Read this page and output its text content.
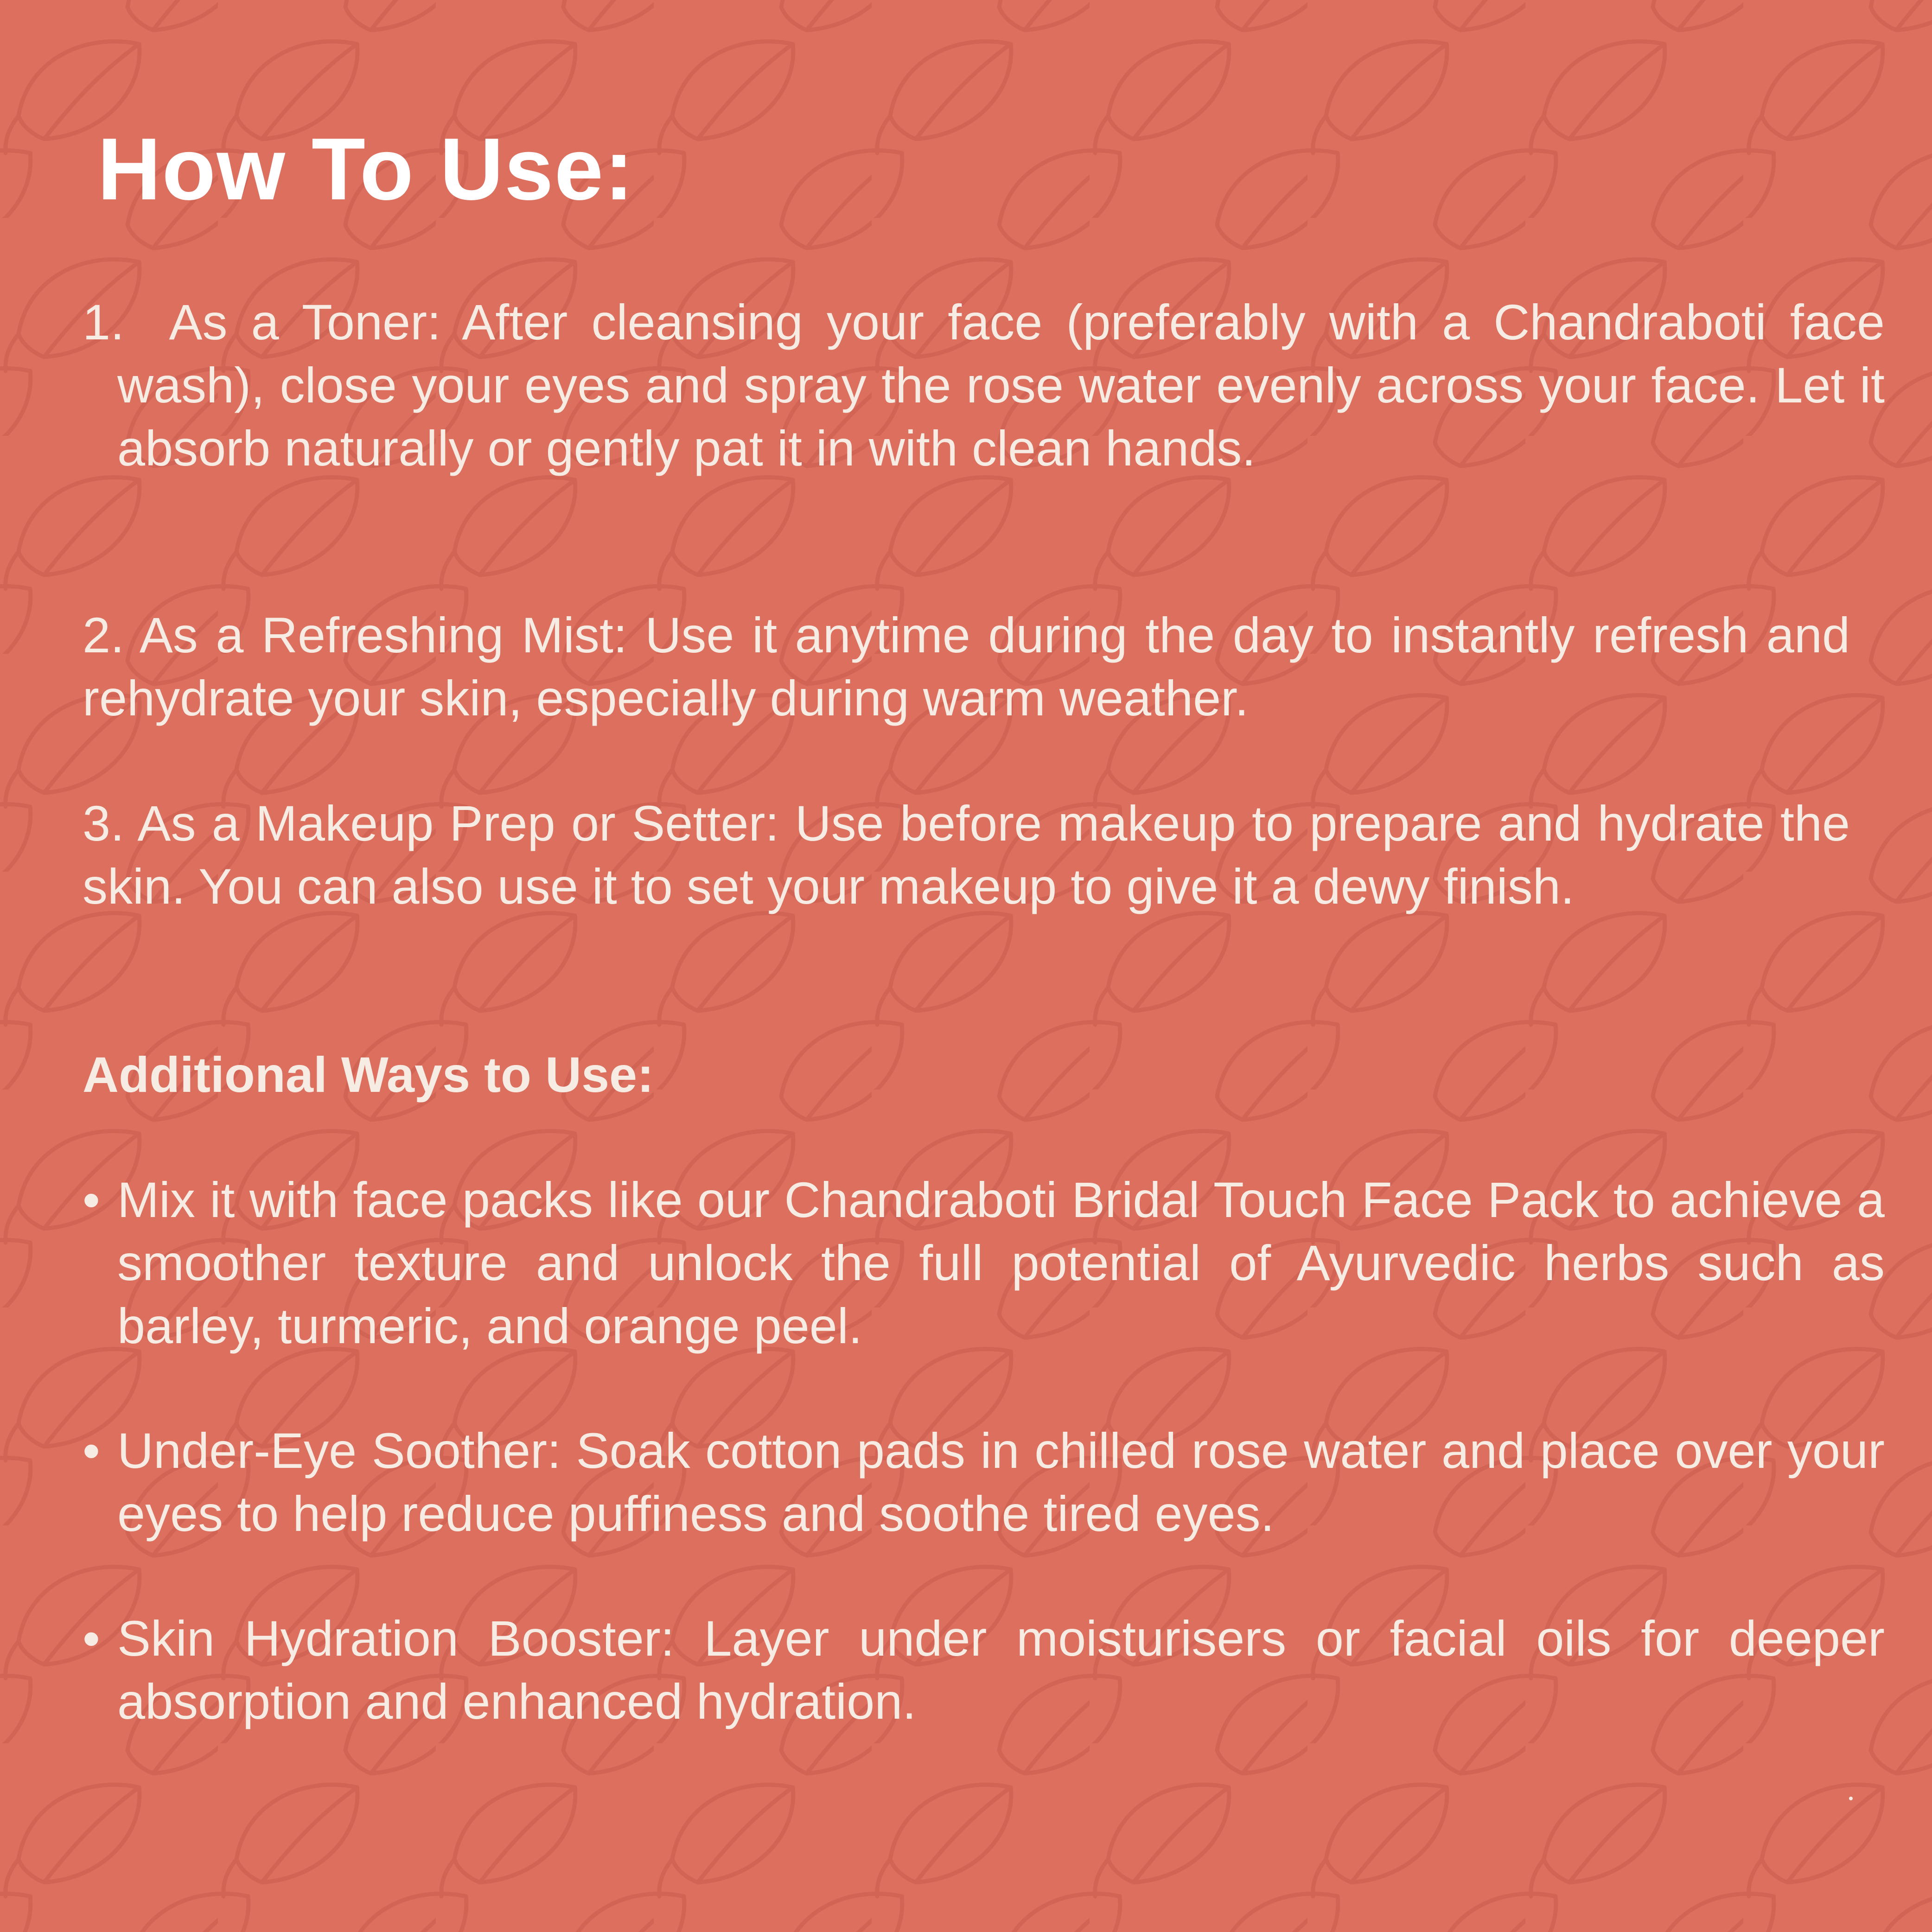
How To Use:

1. As a Toner: After cleansing your face (preferably with a Chandraboti face wash), close your eyes and spray the rose water evenly across your face. Let it absorb naturally or gently pat it in with clean hands.

2. As a Refreshing Mist: Use it anytime during the day to instantly refresh and rehydrate your skin, especially during warm weather.

3. As a Makeup Prep or Setter: Use before makeup to prepare and hydrate the skin. You can also use it to set your makeup to give it a dewy finish.

Additional Ways to Use:

• Mix it with face packs like our Chandraboti Bridal Touch Face Pack to achieve a smoother texture and unlock the full potential of Ayurvedic herbs such as barley, turmeric, and orange peel.

• Under-Eye Soother: Soak cotton pads in chilled rose water and place over your eyes to help reduce puffiness and soothe tired eyes.

• Skin Hydration Booster: Layer under moisturisers or facial oils for deeper absorption and enhanced hydration.
